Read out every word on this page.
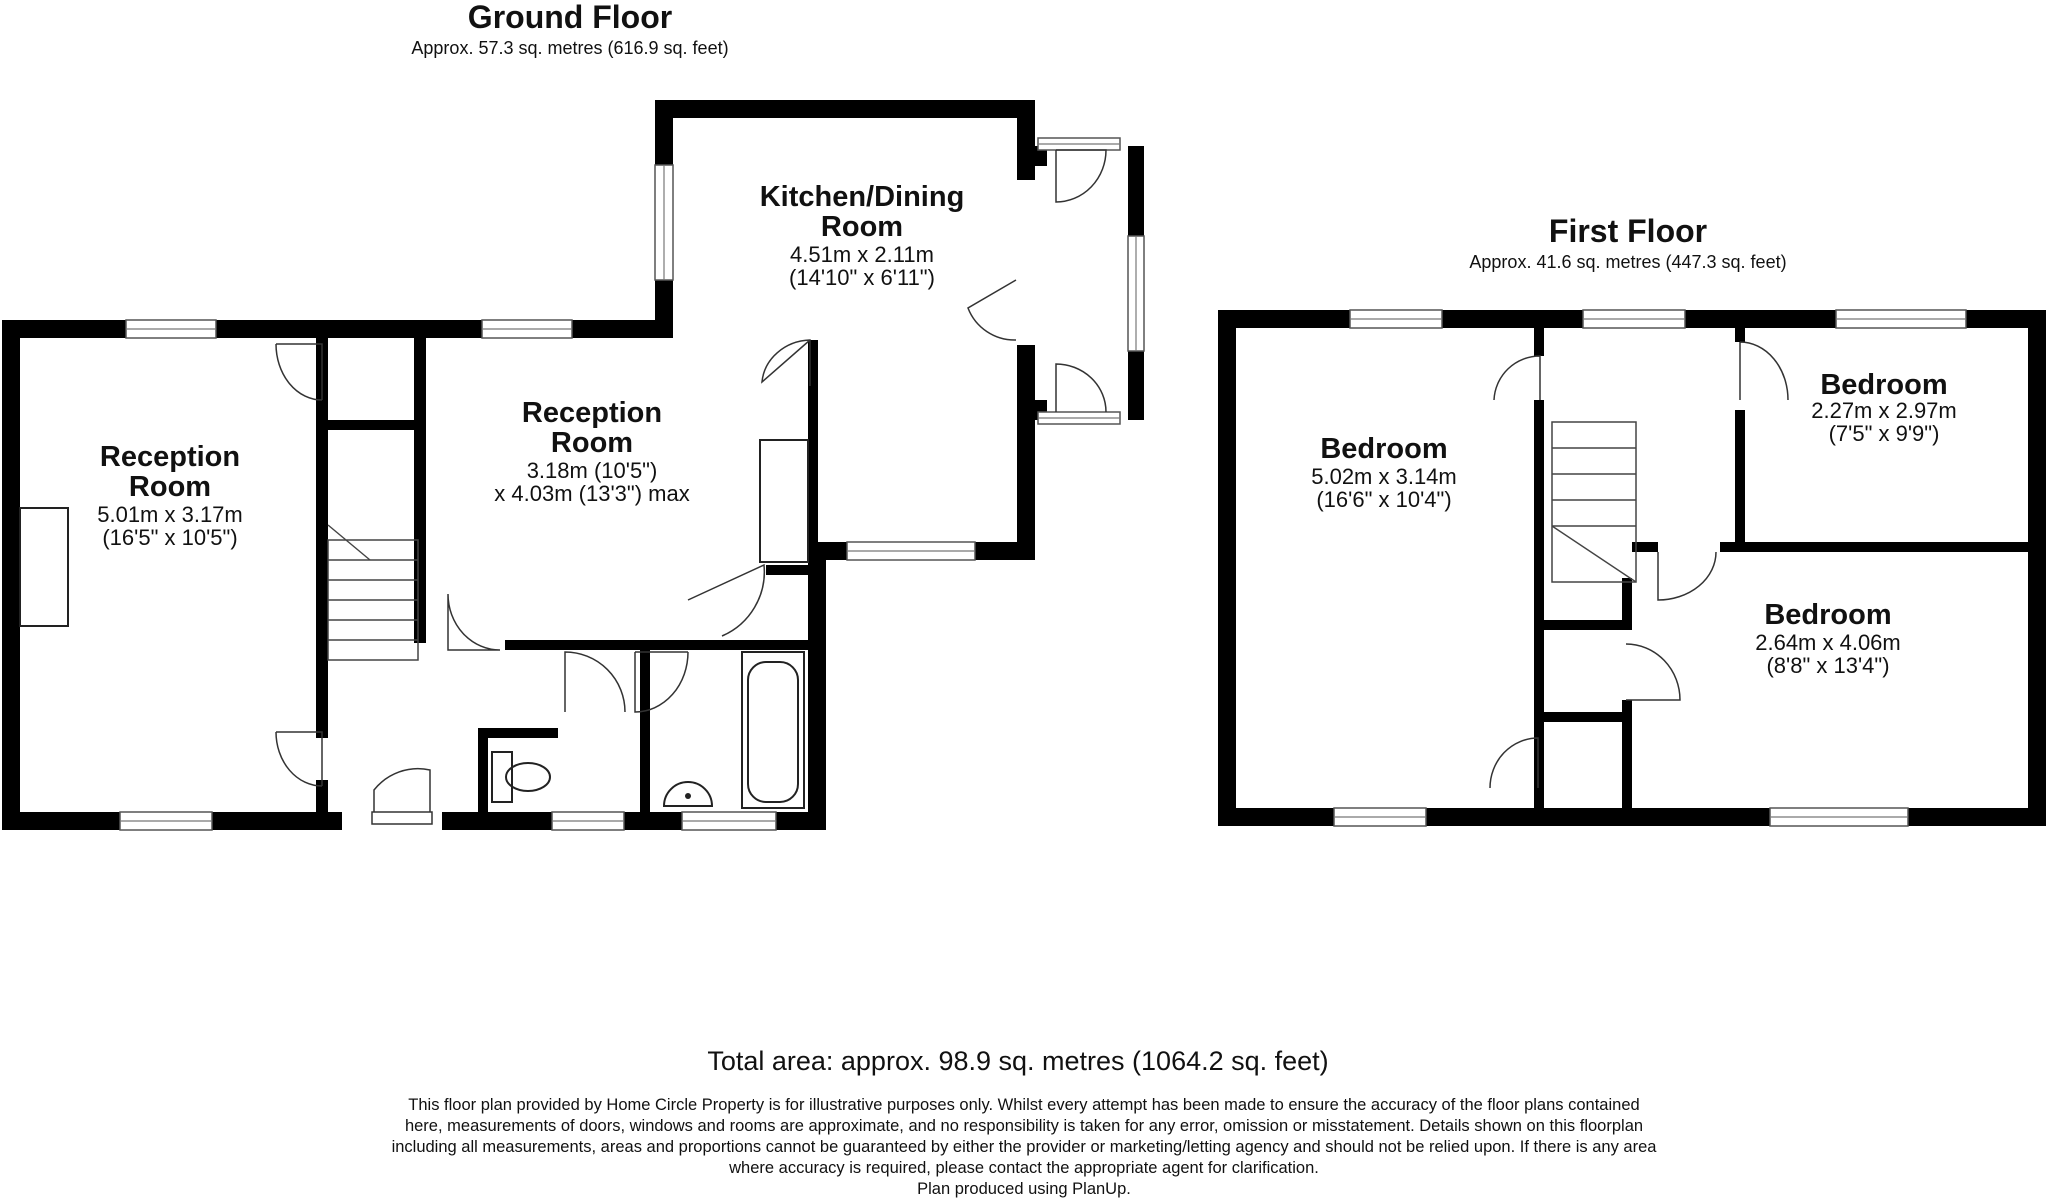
Ground Floor
Approx. 57.3 sq. metres (616.9 sq. feet)
Reception
Room
5.01m x 3.17m
(16'5" x 10'5")
Reception
Room
3.18m (10'5")
x 4.03m (13'3") max
Kitchen/Dining
Room
4.51m x 2.11m
(14'10" x 6'11")
First Floor
Approx. 41.6 sq. metres (447.3 sq. feet)
Bedroom
5.02m x 3.14m
(16'6" x 10'4")
Bedroom
2.27m x 2.97m
(7'5" x 9'9")
Bedroom
2.64m x 4.06m
(8'8" x 13'4")
Total area: approx. 98.9 sq. metres (1064.2 sq. feet)
This floor plan provided by Home Circle Property is for illustrative purposes only. Whilst every attempt has been made to ensure the accuracy of the floor plans contained
here, measurements of doors, windows and rooms are approximate, and no responsibility is taken for any error, omission or misstatement. Details shown on this floorplan
including all measurements, areas and proportions cannot be guaranteed by either the provider or marketing/letting agency and should not be relied upon. If there is any area
where accuracy is required, please contact the appropriate agent for clarification.
Plan produced using PlanUp.
